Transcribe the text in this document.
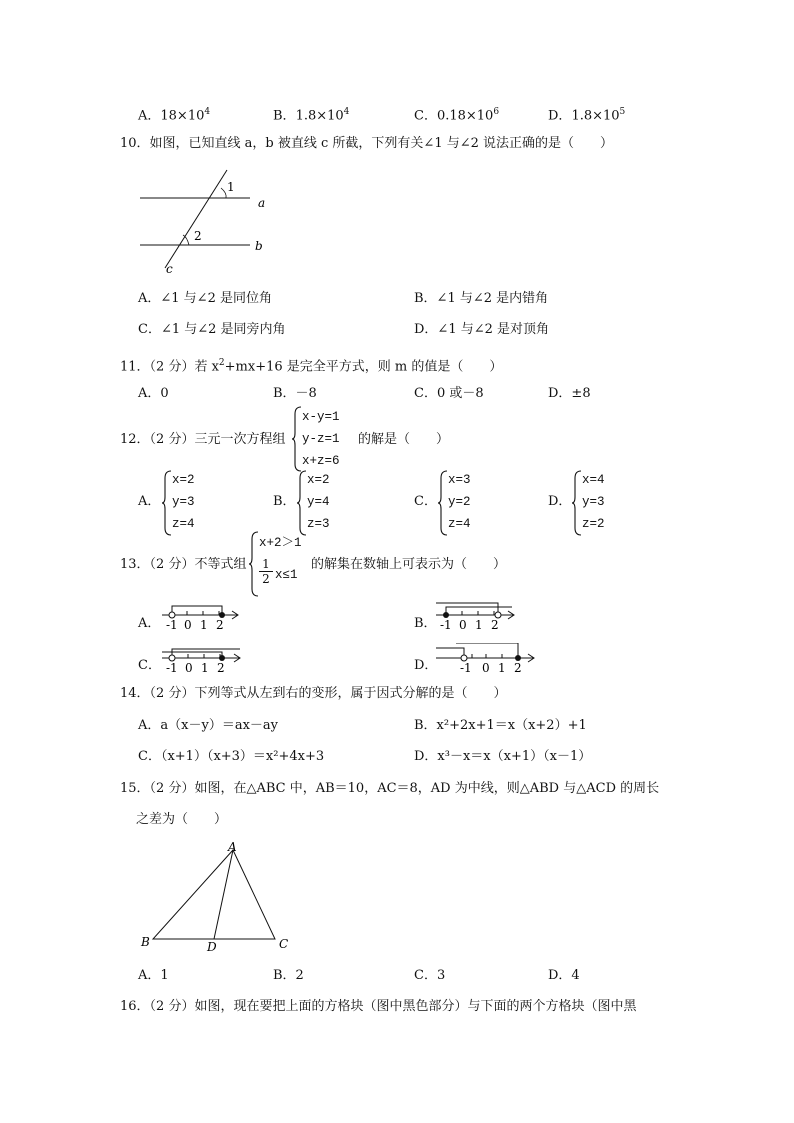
A．$18\times 10^4$	B．$1.8\times 10^4$	C．$0.18\times 10^6$	D．$1.8\times 10^5$
10．如图，已知直线 a，b 被直线 c 所截，下列有关∠1 与∠2 说法正确的是（　　）
1
2
a
b
c
A．∠1 与∠2 是同位角	B．∠1 与∠2 是内错角
C．∠1 与∠2 是同旁内角	D．∠1 与∠2 是对顶角
11．（2 分）若 $x^2+mx+16$ 是完全平方式，则 m 的值是（　　）
A．0	B．－8	C．0 或－8	D．±8
12．（2 分）三元一次方程组
x-y=1
y-z=1
x+z=6
的解是（　　）
A．
x=2
y=3
z=4
B．
x=2
y=4
z=3
C．
x=3
y=2
z=4
D．
x=4
y=3
z=2
13．（2 分）不等式组
x+2＞1
$\frac{1}{2} x\le 1$
的解集在数轴上可表示为（　　）
A． -1 0 1 2	B． -1 0 1 2
C． -1 0 1 2	D． -1 0 1 2
14．（2 分）下列等式从左到右的变形，属于因式分解的是（　　）
A．a（x－y）＝ax－ay	B．x²+2x+1＝x（x+2）+1
C．（x+1）（x+3）＝x²+4x+3	D．x³－x＝x（x+1）（x－1）
15．（2 分）如图，在△ABC 中，AB＝10，AC＝8，AD 为中线，则△ABD 与△ACD 的周长
之差为（　　）
A
B	C
D
A．1	B．2	C．3	D．4
16．（2 分）如图，现在要把上面的方格块（图中黑色部分）与下面的两个方格块（图中黑
